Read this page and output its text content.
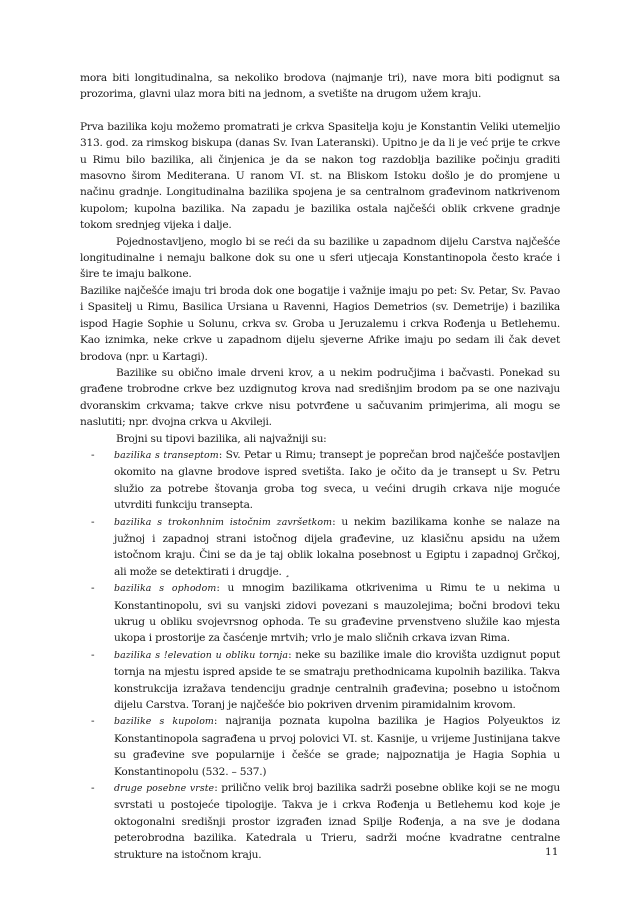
mora biti longitudinalna, sa nekoliko brodova (najmanje tri), nave mora biti podignut sa prozorima, glavni ulaz mora biti na jednom, a svetište na drugom užem kraju.

Prva bazilika koju možemo promatrati je crkva Spasitelja koju je Konstantin Veliki utemeljio 313. god. za rimskog biskupa (danas Sv. Ivan Lateranski). Upitno je da li je već prije te crkve u Rimu bilo bazilika, ali činjenica je da se nakon tog razdoblja bazilike počinju graditi masovno širom Mediterana. U ranom VI. st. na Bliskom Istoku došlo je do promjene u načinu gradnje. Longitudinalna bazilika spojena je sa centralnom građevinom natkrivenom kupolom; kupolna bazilika. Na zapadu je bazilika ostala najčešći oblik crkvene gradnje tokom srednjeg vijeka i dalje.

Pojednostavljeno, moglo bi se reći da su bazilike u zapadnom dijelu Carstva najčešće longitudinalne i nemaju balkone dok su one u sferi utjecaja Konstantinopola često kraće i šire te imaju balkone.

Bazilike najčešće imaju tri broda dok one bogatije i važnije imaju po pet: Sv. Petar, Sv. Pavao i Spasitelj u Rimu, Basilica Ursiana u Ravenni, Hagios Demetrios (sv. Demetrije) i bazilika ispod Hagie Sophie u Solunu, crkva sv. Groba u Jeruzalemu i crkva Rođenja u Betlehemu. Kao iznimka, neke crkve u zapadnom dijelu sjeverne Afrike imaju po sedam ili čak devet brodova (npr. u Kartagi).

Bazilike su obično imale drveni krov, a u nekim područjima i bačvasti. Ponekad su građene trobrodne crkve bez uzdignutog krova nad središnjim brodom pa se one nazivaju dvoranskim crkvama; takve crkve nisu potvrđene u sačuvanim primjerima, ali mogu se naslutiti; npr. dvojna crkva u Akvileji.

Brojni su tipovi bazilika, ali najvažniji su:

- bazilika s transeptom: Sv. Petar u Rimu; transept je poprečan brod najčešće postavljen okomito na glavne brodove ispred svetišta. Iako je očito da je transept u Sv. Petru služio za potrebe štovanja groba tog sveca, u većini drugih crkava nije moguće utvrditi funkciju transepta.
- bazilika s trokonhnim istočnim završetkom: u nekim bazilikama konhe se nalaze na južnoj i zapadnoj strani istočnog dijela građevine, uz klasičnu apsidu na užem istočnom kraju. Čini se da je taj oblik lokalna posebnost u Egiptu i zapadnoj Grčkoj, ali može se detektirati i drugdje. ¸
- bazilika s ophodom: u mnogim bazilikama otkrivenima u Rimu te u nekima u Konstantinopolu, svi su vanjski zidovi povezani s mauzolejima; bočni brodovi teku ukrug u obliku svojevrsnog ophoda. Te su građevine prvenstveno služile kao mjesta ukopa i prostorije za časćenje mrtvih; vrlo je malo sličnih crkava izvan Rima.
- bazilika s !elevation u obliku tornja: neke su bazilike imale dio krovišta uzdignut poput tornja na mjestu ispred apside te se smatraju prethodnicama kupolnih bazilika. Takva konstrukcija izražava tendenciju gradnje centralnih građevina; posebno u istočnom dijelu Carstva. Toranj je najčešće bio pokriven drvenim piramidalnim krovom.
- bazilike s kupolom: najranija poznata kupolna bazilika je Hagios Polyeuktos iz Konstantinopola sagrađena u prvoj polovici VI. st. Kasnije, u vrijeme Justinijana takve su građevine sve popularnije i češće se grade; najpoznatija je Hagia Sophia u Konstantinopolu (532. – 537.)
- druge posebne vrste: prilično velik broj bazilika sadrži posebne oblike koji se ne mogu svrstati u postojeće tipologije. Takva je i crkva Rođenja u Betlehemu kod koje je oktogonalni središnji prostor izgrađen iznad Spilje Rođenja, a na sve je dodana peterobrodna bazilika. Katedrala u Trieru, sadrži moćne kvadratne centralne strukture na istočnom kraju.	11
